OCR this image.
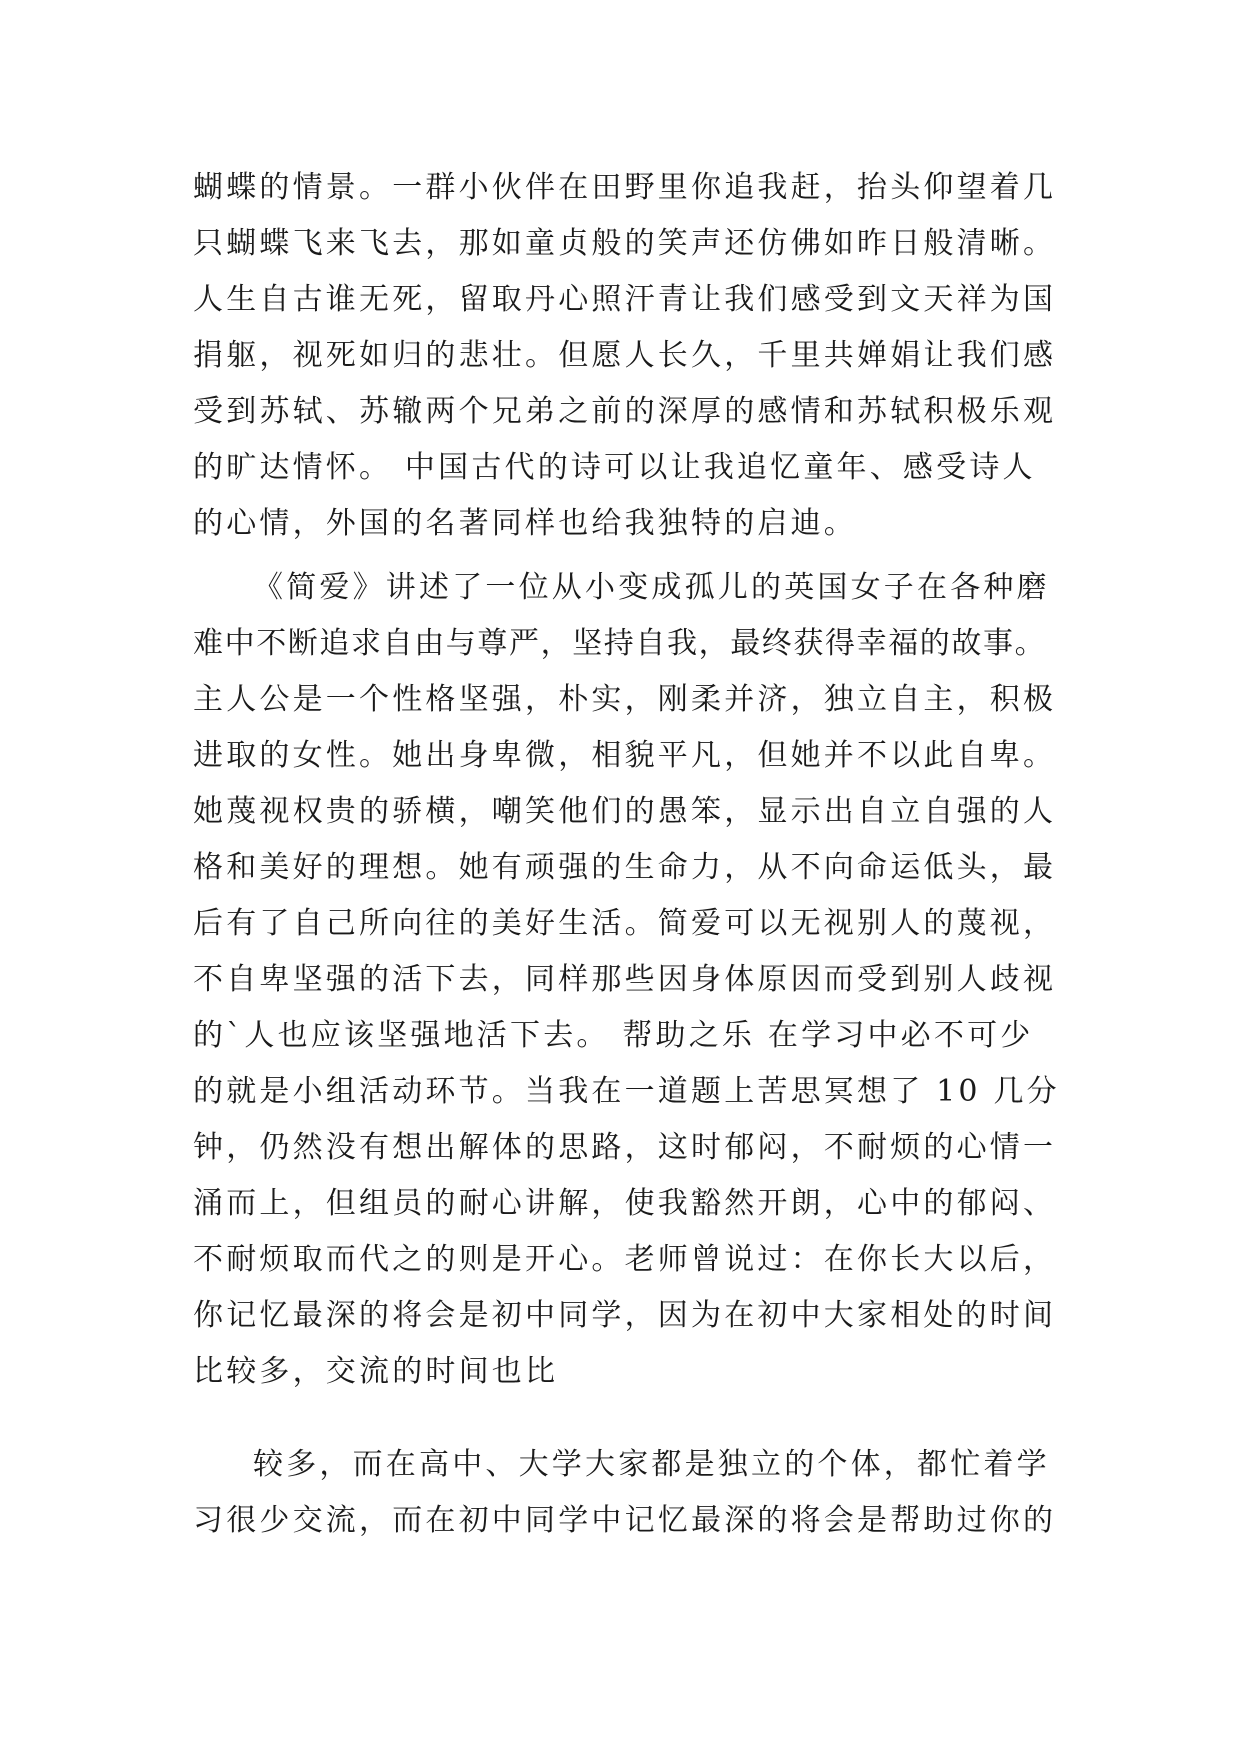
蝴蝶的情景。一群小伙伴在田野里你追我赶，抬头仰望着几
只蝴蝶飞来飞去，那如童贞般的笑声还仿佛如昨日般清晰。
人生自古谁无死，留取丹心照汗青让我们感受到文天祥为国
捐躯，视死如归的悲壮。但愿人长久，千里共婵娟让我们感
受到苏轼、苏辙两个兄弟之前的深厚的感情和苏轼积极乐观
的旷达情怀。 中国古代的诗可以让我追忆童年、感受诗人
的心情，外国的名著同样也给我独特的启迪。
《简爱》讲述了一位从小变成孤儿的英国女子在各种磨
难中不断追求自由与尊严，坚持自我，最终获得幸福的故事。
主人公是一个性格坚强，朴实，刚柔并济，独立自主，积极
进取的女性。她出身卑微，相貌平凡，但她并不以此自卑。
她蔑视权贵的骄横，嘲笑他们的愚笨，显示出自立自强的人
格和美好的理想。她有顽强的生命力，从不向命运低头，最
后有了自己所向往的美好生活。简爱可以无视别人的蔑视，
不自卑坚强的活下去，同样那些因身体原因而受到别人歧视
的`人也应该坚强地活下去。 帮助之乐 在学习中必不可少
的就是小组活动环节。当我在一道题上苦思冥想了 10 几分
钟，仍然没有想出解体的思路，这时郁闷，不耐烦的心情一
涌而上，但组员的耐心讲解，使我豁然开朗，心中的郁闷、
不耐烦取而代之的则是开心。老师曾说过：在你长大以后，
你记忆最深的将会是初中同学，因为在初中大家相处的时间
比较多，交流的时间也比
较多，而在高中、大学大家都是独立的个体，都忙着学
习很少交流，而在初中同学中记忆最深的将会是帮助过你的
